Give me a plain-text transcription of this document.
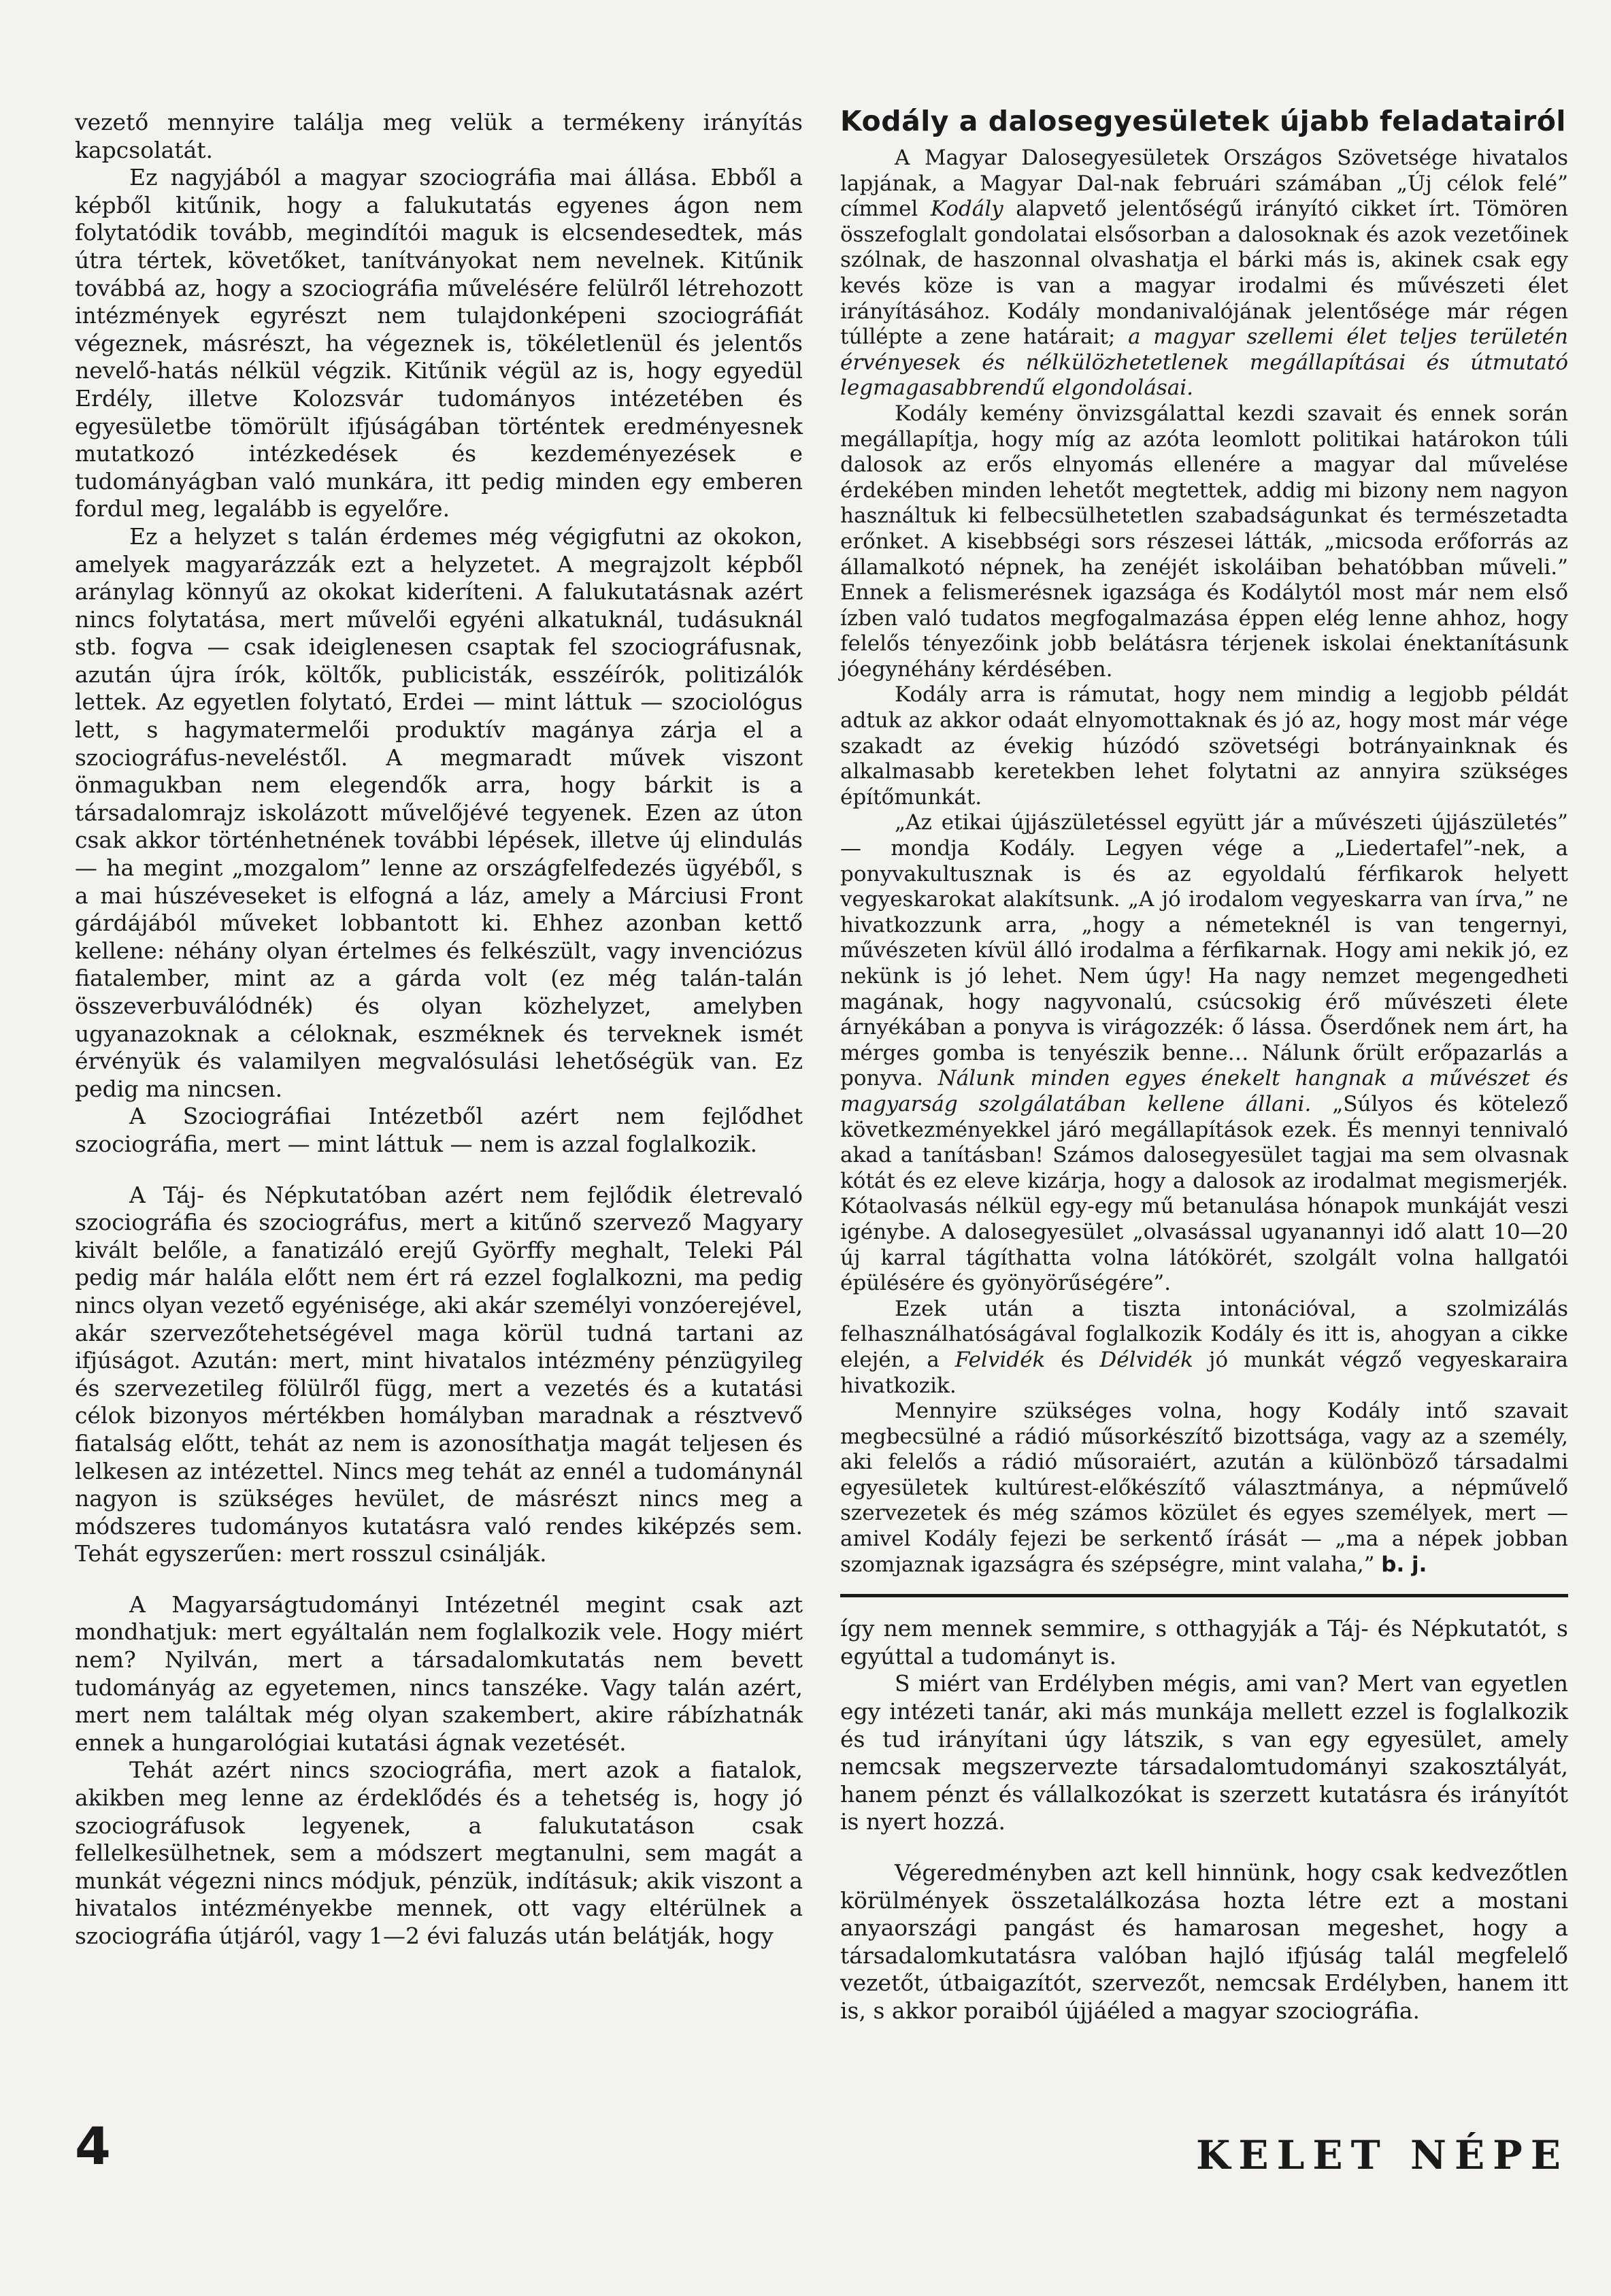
vezető mennyire találja meg velük a termékeny irányítás kapcsolatát.

Ez nagyjából a magyar szociográfia mai állása. Ebből a képből kitűnik, hogy a falukutatás egyenes ágon nem folytatódik tovább, megindítói maguk is elcsendesedtek, más útra tértek, követőket, tanítványokat nem nevelnek. Kitűnik továbbá az, hogy a szociográfia művelésére felülről létrehozott intézmények egyrészt nem tulajdonképeni szociográfiát végeznek, másrészt, ha végeznek is, tökéletlenül és jelentős nevelő-hatás nélkül végzik. Kitűnik végül az is, hogy egyedül Erdély, illetve Kolozsvár tudományos intézetében és egyesületbe tömörült ifjúságában történtek eredményesnek mutatkozó intézkedések és kezdeményezések e tudományágban való munkára, itt pedig minden egy emberen fordul meg, legalább is egyelőre.

Ez a helyzet s talán érdemes még végigfutni az okokon, amelyek magyarázzák ezt a helyzetet. A megrajzolt képből aránylag könnyű az okokat kideríteni. A falukutatásnak azért nincs folytatása, mert művelői egyéni alkatuknál, tudásuknál stb. fogva — csak ideiglenesen csaptak fel szociográfusnak, azután újra írók, költők, publicisták, esszéírók, politizálók lettek. Az egyetlen folytató, Erdei — mint láttuk — szociológus lett, s hagymatermelői produktív magánya zárja el a szociográfus-neveléstől. A megmaradt művek viszont önmagukban nem elegendők arra, hogy bárkit is a társadalomrajz iskolázott művelőjévé tegyenek. Ezen az úton csak akkor történhetnének további lépések, illetve új elindulás — ha megint „mozgalom” lenne az országfelfedezés ügyéből, s a mai húszéveseket is elfogná a láz, amely a Márciusi Front gárdájából műveket lobbantott ki. Ehhez azonban kettő kellene: néhány olyan értelmes és felkészült, vagy invenciózus fiatalember, mint az a gárda volt (ez még talán-talán összeverbuválódnék) és olyan közhelyzet, amelyben ugyanazoknak a céloknak, eszméknek és terveknek ismét érvényük és valamilyen megvalósulási lehetőségük van. Ez pedig ma nincsen.

A Szociográfiai Intézetből azért nem fejlődhet szociográfia, mert — mint láttuk — nem is azzal foglalkozik.

A Táj- és Népkutatóban azért nem fejlődik életrevaló szociográfia és szociográfus, mert a kitűnő szervező Magyary kivált belőle, a fanatizáló erejű Györffy meghalt, Teleki Pál pedig már halála előtt nem ért rá ezzel foglalkozni, ma pedig nincs olyan vezető egyénisége, aki akár személyi vonzóerejével, akár szervezőtehetségével maga körül tudná tartani az ifjúságot. Azután: mert, mint hivatalos intézmény pénzügyileg és szervezetileg fölülről függ, mert a vezetés és a kutatási célok bizonyos mértékben homályban maradnak a résztvevő fiatalság előtt, tehát az nem is azonosíthatja magát teljesen és lelkesen az intézettel. Nincs meg tehát az ennél a tudománynál nagyon is szükséges hevület, de másrészt nincs meg a módszeres tudományos kutatásra való rendes kiképzés sem. Tehát egyszerűen: mert rosszul csinálják.

A Magyarságtudományi Intézetnél megint csak azt mondhatjuk: mert egyáltalán nem foglalkozik vele. Hogy miért nem? Nyilván, mert a társadalomkutatás nem bevett tudományág az egyetemen, nincs tanszéke. Vagy talán azért, mert nem találtak még olyan szakembert, akire rábízhatnák ennek a hungarológiai kutatási ágnak vezetését.

Tehát azért nincs szociográfia, mert azok a fiatalok, akikben meg lenne az érdeklődés és a tehetség is, hogy jó szociográfusok legyenek, a falukutatáson csak fellelkesülhetnek, sem a módszert megtanulni, sem magát a munkát végezni nincs módjuk, pénzük, indításuk; akik viszont a hivatalos intézményekbe mennek, ott vagy eltérülnek a szociográfia útjáról, vagy 1—2 évi faluzás után belátják, hogy

Kodály a dalosegyesületek újabb feladatairól

A Magyar Dalosegyesületek Országos Szövetsége hivatalos lapjának, a Magyar Dal-nak februári számában „Új célok felé” címmel Kodály alapvető jelentőségű irányító cikket írt. Tömören összefoglalt gondolatai elsősorban a dalosoknak és azok vezetőinek szólnak, de haszonnal olvashatja el bárki más is, akinek csak egy kevés köze is van a magyar irodalmi és művészeti élet irányításához. Kodály mondanivalójának jelentősége már régen túllépte a zene határait; a magyar szellemi élet teljes területén érvényesek és nélkülözhetetlenek megállapításai és útmutató legmagasabbrendű elgondolásai.

Kodály kemény önvizsgálattal kezdi szavait és ennek során megállapítja, hogy míg az azóta leomlott politikai határokon túli dalosok az erős elnyomás ellenére a magyar dal művelése érdekében minden lehetőt megtettek, addig mi bizony nem nagyon használtuk ki felbecsülhetetlen szabadságunkat és természetadta erőnket. A kisebbségi sors részesei látták, „micsoda erőforrás az államalkotó népnek, ha zenéjét iskoláiban behatóbban műveli.” Ennek a felismerésnek igazsága és Kodálytól most már nem első ízben való tudatos megfogalmazása éppen elég lenne ahhoz, hogy felelős tényezőink jobb belátásra térjenek iskolai énektanításunk jóegynéhány kérdésében.

Kodály arra is rámutat, hogy nem mindig a legjobb példát adtuk az akkor odaát elnyomottaknak és jó az, hogy most már vége szakadt az évekig húzódó szövetségi botrányainknak és alkalmasabb keretekben lehet folytatni az annyira szükséges építőmunkát.

„Az etikai újjászületéssel együtt jár a művészeti újjászületés” — mondja Kodály. Legyen vége a „Liedertafel”-nek, a ponyvakultusznak is és az egyoldalú férfikarok helyett vegyeskarokat alakítsunk. „A jó irodalom vegyeskarra van írva,” ne hivatkozzunk arra, „hogy a németeknél is van tengernyi, művészeten kívül álló irodalma a férfikarnak. Hogy ami nekik jó, ez nekünk is jó lehet. Nem úgy! Ha nagy nemzet megengedheti magának, hogy nagyvonalú, csúcsokig érő művészeti élete árnyékában a ponyva is virágozzék: ő lássa. Őserdőnek nem árt, ha mérges gomba is tenyészik benne… Nálunk őrült erőpazarlás a ponyva. Nálunk minden egyes énekelt hangnak a művészet és magyarság szolgálatában kellene állani. „Súlyos és kötelező következményekkel járó megállapítások ezek. És mennyi tennivaló akad a tanításban! Számos dalosegyesület tagjai ma sem olvasnak kótát és ez eleve kizárja, hogy a dalosok az irodalmat megismerjék. Kótaolvasás nélkül egy-egy mű betanulása hónapok munkáját veszi igénybe. A dalosegyesület „olvasással ugyanannyi idő alatt 10—20 új karral tágíthatta volna látókörét, szolgált volna hallgatói épülésére és gyönyörűségére”.

Ezek után a tiszta intonációval, a szolmizálás felhasználhatóságával foglalkozik Kodály és itt is, ahogyan a cikke elején, a Felvidék és Délvidék jó munkát végző vegyeskaraira hivatkozik.

Mennyire szükséges volna, hogy Kodály intő szavait megbecsülné a rádió műsorkészítő bizottsága, vagy az a személy, aki felelős a rádió műsoraiért, azután a különböző társadalmi egyesületek kultúrest-előkészítő választmánya, a népművelő szervezetek és még számos közület és egyes személyek, mert — amivel Kodály fejezi be serkentő írását — „ma a népek jobban szomjaznak igazságra és szépségre, mint valaha,” b. j.

így nem mennek semmire, s otthagyják a Táj- és Népkutatót, s egyúttal a tudományt is.

S miért van Erdélyben mégis, ami van? Mert van egyetlen egy intézeti tanár, aki más munkája mellett ezzel is foglalkozik és tud irányítani úgy látszik, s van egy egyesület, amely nemcsak megszervezte társadalomtudományi szakosztályát, hanem pénzt és vállalkozókat is szerzett kutatásra és irányítót is nyert hozzá.

Végeredményben azt kell hinnünk, hogy csak kedvezőtlen körülmények összetalálkozása hozta létre ezt a mostani anyaországi pangást és hamarosan megeshet, hogy a társadalomkutatásra valóban hajló ifjúság talál megfelelő vezetőt, útbaigazítót, szervezőt, nemcsak Erdélyben, hanem itt is, s akkor poraiból újjáéled a magyar szociográfia.

4	KELET NÉPE
